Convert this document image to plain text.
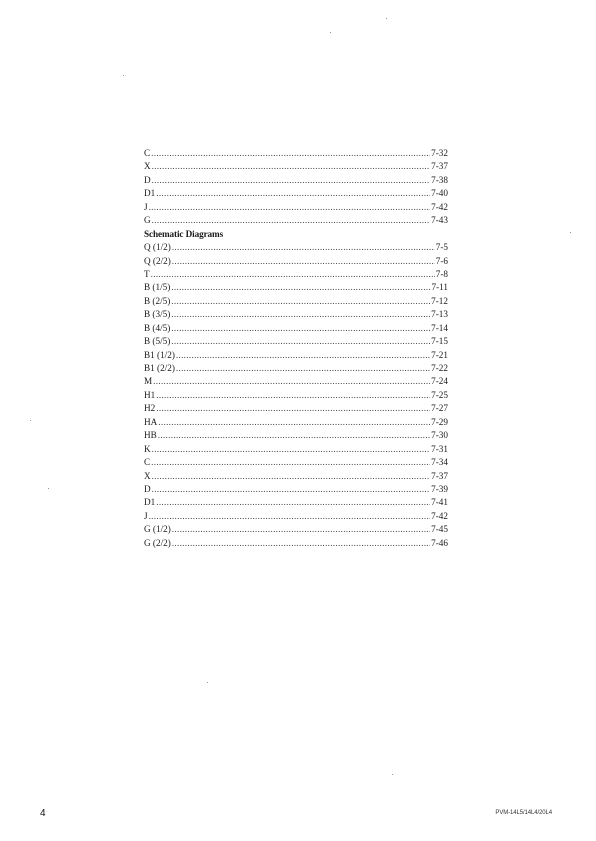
C .....	7-32
X .....	7-37
D .....	7-38
D1 .....	7-40
J .....	7-42
G .....	7-43
Schematic Diagrams
Q (1/2) .....	7-5
Q (2/2) .....	7-6
T .....	7-8
B (1/5) .....	7-11
B (2/5) .....	7-12
B (3/5) .....	7-13
B (4/5) .....	7-14
B (5/5) .....	7-15
B1 (1/2) .....	7-21
B1 (2/2) .....	7-22
M .....	7-24
H1 .....	7-25
H2 .....	7-27
HA .....	7-29
HB .....	7-30
K .....	7-31
C .....	7-34
X .....	7-37
D .....	7-39
D1 .....	7-41
J .....	7-42
G (1/2) .....	7-45
G (2/2) .....	7-46
4	PVM-14L5/14L4/20L4
